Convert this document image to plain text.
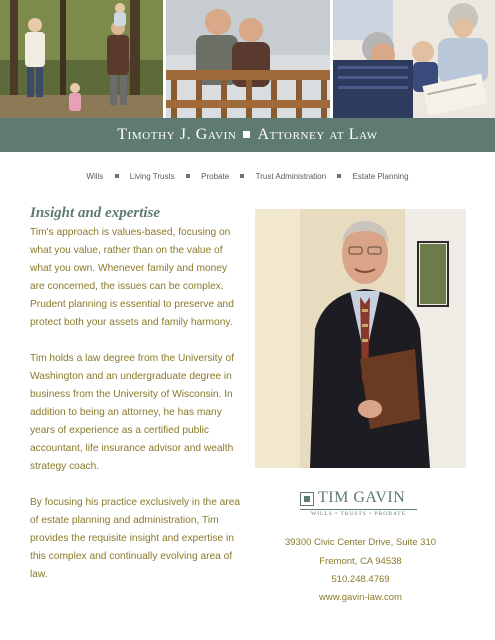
Timothy J. Gavin Attorney at Law
Wills	Living Trusts	Probate	Trust Administration	Estate Planning
Insight and expertise

Tim's approach is values-based, focusing on what you value, rather than on the value of what you own. Whenever family and money are concerned, the issues can be complex. Prudent planning is essential to preserve and protect both your assets and family harmony.

Tim holds a law degree from the University of Washington and an undergraduate degree in business from the University of Wisconsin. In addition to being an attorney, he has many years of experience as a certified public accountant, life insurance advisor and wealth strategy coach.

By focusing his practice exclusively in the area of estate planning and administration, Tim provides the requisite insight and expertise in this complex and continually evolving area of law.

TIM GAVIN
WILLS • TRUSTS • PROBATE
39300 Civic Center Drive, Suite 310
Fremont, CA 94538
510.248.4769
www.gavin-law.com
